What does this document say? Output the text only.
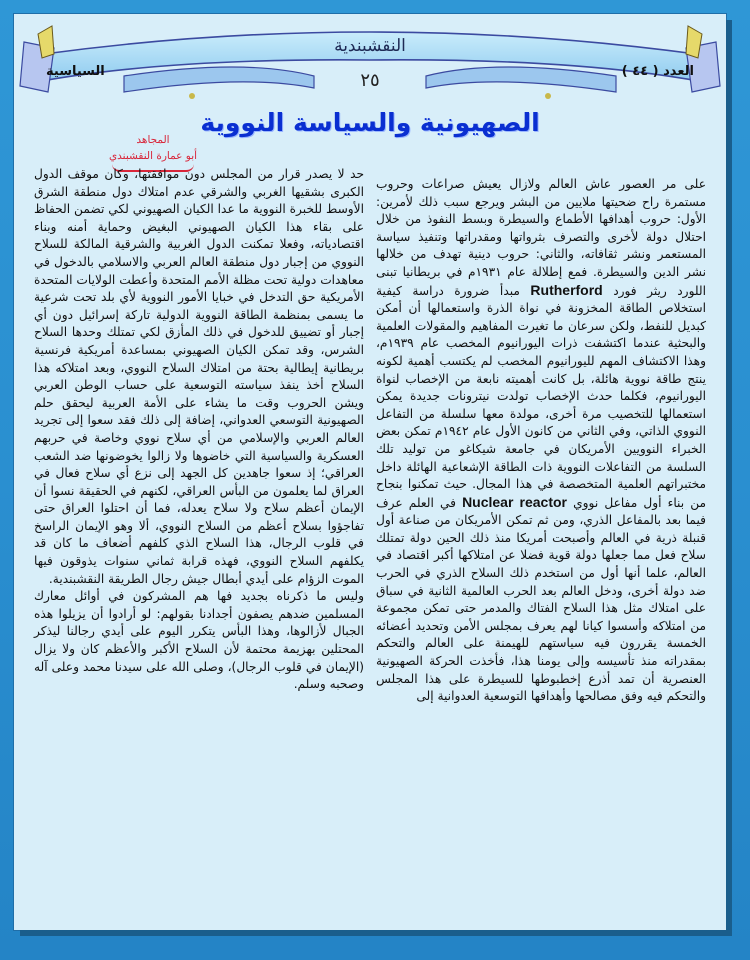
النقشبندية
العدد ( ٤٤ )
السياسية	٢٥
الصهيونية والسياسة النووية
المجاهد
أبو عمارة النقشبندي

على مر العصور عاش العالم ولازال يعيش صراعات وحروب مستمرة راح ضحيتها ملايين من البشر ويرجع سبب ذلك لأمرين: الأول: حروب أهدافها الأطماع والسيطرة وبسط النفوذ من خلال احتلال دولة لأخرى والتصرف بثرواتها ومقدراتها وتنفيذ سياسة المستعمر ونشر ثقافاته، والثاني: حروب دينية تهدف من خلالها نشر الدين والسيطرة. فمع إطلالة عام ١٩٣١م في بريطانيا تبنى اللورد ريثر فورد Rutherford مبدأ ضرورة دراسة كيفية استخلاص الطاقة المخزونة في نواة الذرة واستعمالها أن أمكن كبديل للنفط، ولكن سرعان ما تغيرت المفاهيم والمقولات العلمية والبحثية عندما اكتشفت ذرات اليورانيوم المخصب عام ١٩٣٩م، وهذا الاكتشاف المهم لليورانيوم المخصب لم يكتسب أهمية لكونه ينتج طاقة نووية هائلة، بل كانت أهميته نابعة من الإخصاب لنواة اليورانيوم، فكلما حدث الإخصاب تولدت نيترونات جديدة يمكن استعمالها للتخصيب مرة أخرى، مولدة معها سلسلة من التفاعل النووي الذاتي، وفي الثاني من كانون الأول عام ١٩٤٢م تمكن بعض الخبراء النوويين الأمريكان في جامعة شيكاغو من توليد تلك السلسة من التفاعلات النووية ذات الطاقة الإشعاعية الهائلة داخل مختبراتهم العلمية المتخصصة في هذا المجال. حيث تمكنوا بنجاح من بناء أول مفاعل نووي Nuclear reactor في العلم عرف فيما بعد بالمفاعل الذري، ومن ثم تمكن الأمريكان من صناعة أول قنبلة ذرية في العالم وأصبحت أمريكا منذ ذلك الحين دولة تمتلك سلاح فعل مما جعلها دولة قوية فضلا عن امتلاكها أكبر اقتصاد في العالم، علما أنها أول من استخدم ذلك السلاح الذري في الحرب ضد دولة أخرى، ودخل العالم بعد الحرب العالمية الثانية في سباق على امتلاك مثل هذا السلاح الفتاك والمدمر حتى تمكن مجموعة من امتلاكه وأسسوا كيانا لهم يعرف بمجلس الأمن وتحديد أعضائه الخمسة يقررون فيه سياستهم للهيمنة على العالم والتحكم بمقدراته منذ تأسيسه وإلى يومنا هذا، فأخذت الحركة الصهيونية العنصرية أن تمد أذرع إخطبوطها للسيطرة على هذا المجلس والتحكم فيه وفق مصالحها وأهدافها التوسعية العدوانية إلى

حد لا يصدر قرار من المجلس دون موافقتها، وكان موقف الدول الكبرى بشقيها الغربي والشرقي عدم امتلاك دول منطقة الشرق الأوسط للخبرة النووية ما عدا الكيان الصهيوني لكي تضمن الحفاظ على بقاء هذا الكيان الصهيوني البغيض وحماية أمنه وبناء اقتصادياته، وفعلا تمكنت الدول الغربية والشرقية المالكة للسلاح النووي من إجبار دول منطقة العالم العربي والاسلامي بالدخول في معاهدات دولية تحت مظلة الأمم المتحدة وأعطت الولايات المتحدة الأمريكية حق التدخل في خبايا الأمور النووية لأي بلد تحت شرعية ما يسمى بمنظمة الطاقة النووية الدولية تاركة إسرائيل دون أي إجبار أو تضييق للدخول في ذلك المأزق لكي تمتلك وحدها السلاح الشرس، وقد تمكن الكيان الصهيوني بمساعدة أمريكية فرنسية بريطانية إيطالية بحتة من امتلاك السلاح النووي، وبعد امتلاكه هذا السلاح أخذ ينفذ سياسته التوسعية على حساب الوطن العربي ويشن الحروب وقت ما يشاء على الأمة العربية ليحقق حلم الصهيونية التوسعي العدواني، إضافة إلى ذلك فقد سعوا إلى تجريد العالم العربي والإسلامي من أي سلاح نووي وخاصة في حربهم العسكرية والسياسية التي خاضوها ولا زالوا يخوضونها ضد الشعب العراقي؛ إذ سعوا جاهدين كل الجهد إلى نزع أي سلاح فعال في العراق لما يعلمون من البأس العراقي، لكنهم في الحقيقة نسوا أن الإيمان أعظم سلاح ولا سلاح يعدله، فما أن احتلوا العراق حتى تفاجؤوا بسلاح أعظم من السلاح النووي، ألا وهو الإيمان الراسخ في قلوب الرجال، هذا السلاح الذي كلفهم أضعاف ما كان قد يكلفهم السلاح النووي، فهذه قرابة ثماني سنوات يذوقون فيها الموت الزؤام على أيدي أبطال جيش رجال الطريقة النقشبندية.

وليس ما ذكرناه بجديد فها هم المشركون في أوائل معارك المسلمين ضدهم يصفون أجدادنا بقولهم: لو أرادوا أن يزيلوا هذه الجبال لأزالوها، وهذا البأس يتكرر اليوم على أيدي رجالنا ليذكر المحتلين بهزيمة محتمة لأن السلاح الأكبر والأعظم كان ولا يزال (الإيمان في قلوب الرجال)، وصلى الله على سيدنا محمد وعلى آله وصحبه وسلم.
